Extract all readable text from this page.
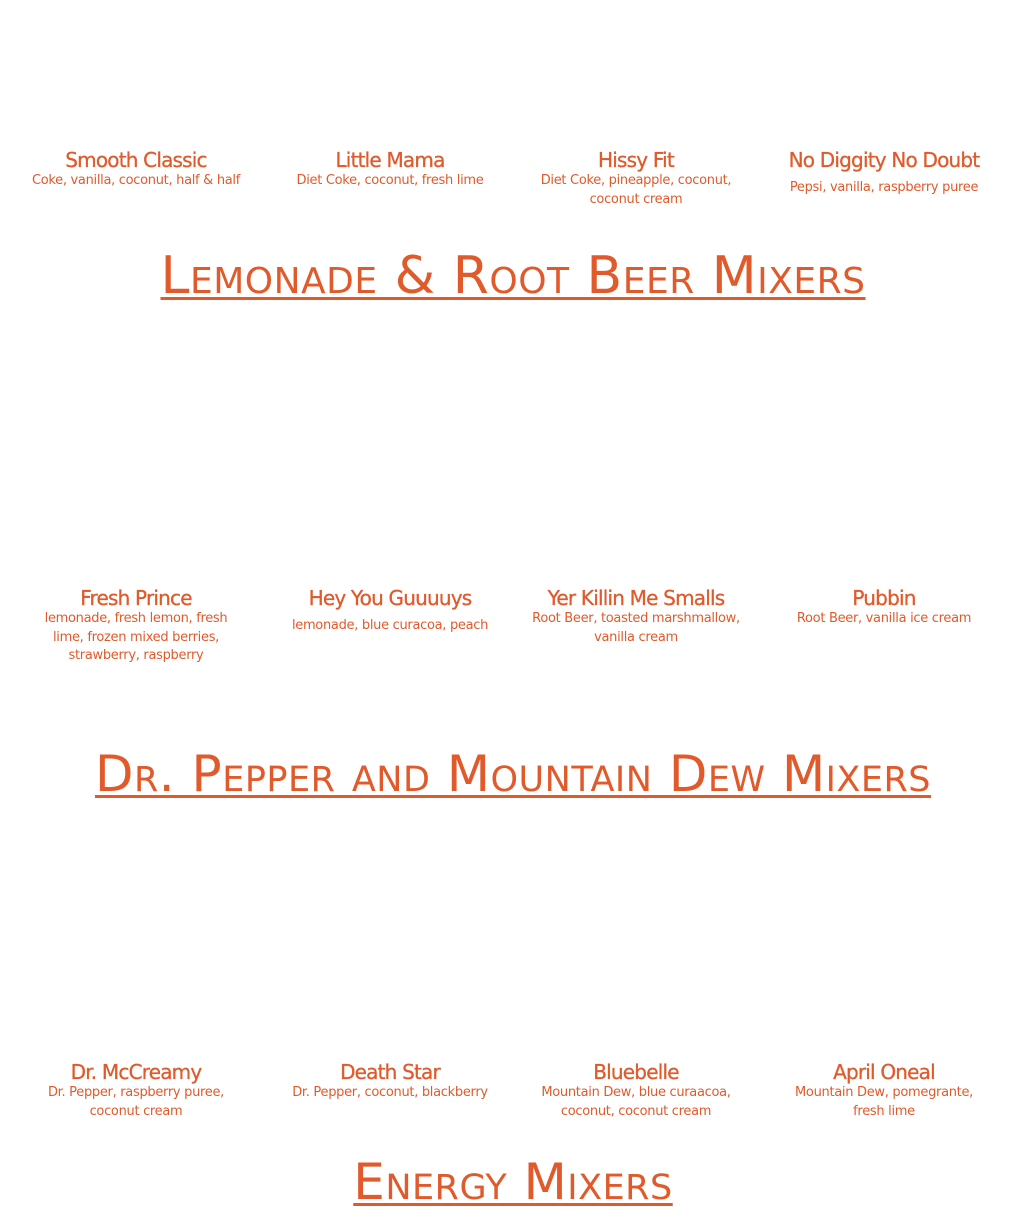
Smooth Classic
Coke, vanilla, coconut, half & half
Little Mama
Diet Coke, coconut, fresh lime
Hissy Fit
Diet Coke, pineapple, coconut, coconut cream
No Diggity No Doubt
Pepsi, vanilla, raspberry puree
Lemonade & Root Beer Mixers
Fresh Prince
lemonade, fresh lemon, fresh lime, frozen mixed berries, strawberry, raspberry
Hey You Guuuuys
lemonade, blue curacoa, peach
Yer Killin Me Smalls
Root Beer, toasted marshmallow, vanilla cream
Pubbin
Root Beer, vanilla ice cream
Dr. Pepper and Mountain Dew Mixers
Dr. McCreamy
Dr. Pepper, raspberry puree, coconut cream
Death Star
Dr. Pepper, coconut, blackberry
Bluebelle
Mountain Dew, blue curaacoa, coconut, coconut cream
April Oneal
Mountain Dew, pomegrante, fresh lime
Energy Mixers
